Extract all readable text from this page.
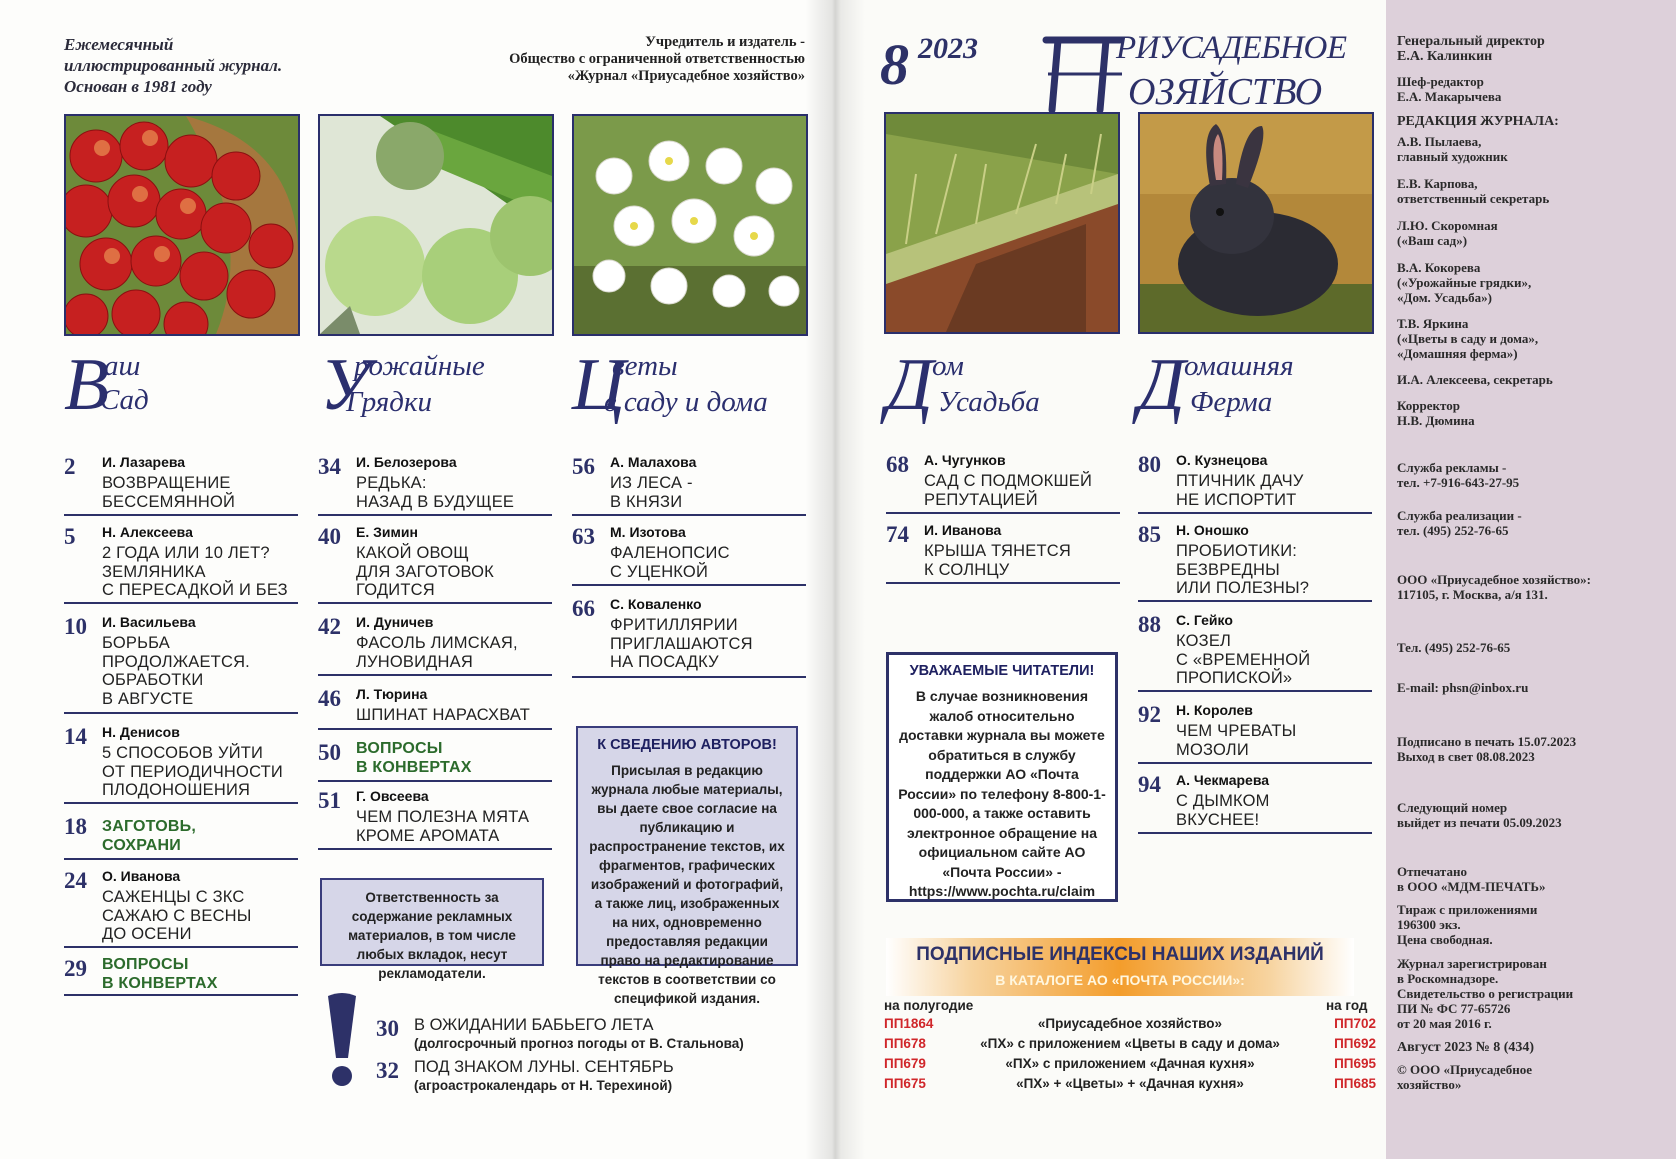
Ежемесячный
иллюстрированный журнал.
Основан в 1981 году
Учредитель и издатель -
Общество с ограниченной ответственностью
«Журнал «Приусадебное хозяйство»
В
аш
Сад У
рожайные
Грядки Ц
веты
в саду и дома
2 И. Лазарева
ВОЗВРАЩЕНИЕ
БЕССЕМЯННОЙ
5 Н. Алексеева
2 ГОДА ИЛИ 10 ЛЕТ?
ЗЕМЛЯНИКА
С ПЕРЕСАДКОЙ И БЕЗ
10 И. Васильева
БОРЬБА
ПРОДОЛЖАЕТСЯ.
ОБРАБОТКИ
В АВГУСТЕ
14 Н. Денисов
5 СПОСОБОВ УЙТИ
ОТ ПЕРИОДИЧНОСТИ
ПЛОДОНОШЕНИЯ
18 ЗАГОТОВЬ,
СОХРАНИ
24 О. Иванова
САЖЕНЦЫ С ЗКС
САЖАЮ С ВЕСНЫ
ДО ОСЕНИ
29 ВОПРОСЫ
В КОНВЕРТАХ
34 И. Белозерова
РЕДЬКА:
НАЗАД В БУДУЩЕЕ
40 Е. Зимин
КАКОЙ ОВОЩ
ДЛЯ ЗАГОТОВОК
ГОДИТСЯ
42 И. Дуничев
ФАСОЛЬ ЛИМСКАЯ,
ЛУНОВИДНАЯ
46 Л. Тюрина
ШПИНАТ НАРАСХВАТ
50 ВОПРОСЫ
В КОНВЕРТАХ
51 Г. Овсеева
ЧЕМ ПОЛЕЗНА МЯТА
КРОМЕ АРОМАТА
56 А. Малахова
ИЗ ЛЕСА -
В КНЯЗИ
63 М. Изотова
ФАЛЕНОПСИС
С УЦЕНКОЙ
66 С. Коваленко
ФРИТИЛЛЯРИИ
ПРИГЛАШАЮТСЯ
НА ПОСАДКУ
Ответственность за содержание рекламных материалов, в том числе любых вкладок, несут рекламодатели.
К СВЕДЕНИЮ АВТОРОВ!
Присылая в редакцию журнала любые материалы, вы даете свое согласие на публикацию и распространение текстов, их фрагментов, графических изображений и фотографий, а также лиц, изображенных на них, одновременно предоставляя редакции право на редактирование текстов в соответствии со спецификой издания.
30 В ОЖИДАНИИ БАБЬЕГО ЛЕТА
(долгосрочный прогноз погоды от В. Стальнова)
32 ПОД ЗНАКОМ ЛУНЫ. СЕНТЯБРЬ
(агроастрокалендарь от Н. Терехиной)
8 2023	РИУСАДЕБНОЕ
ОЗЯЙСТВО
Д
ом
Усадьба Д
омашняя
Ферма
68 А. Чугунков
САД С ПОДМОКШЕЙ
РЕПУТАЦИЕЙ
74 И. Иванова
КРЫША ТЯНЕТСЯ
К СОЛНЦУ
80 О. Кузнецова
ПТИЧНИК ДАЧУ
НЕ ИСПОРТИТ
85 Н. Оношко
ПРОБИОТИКИ:
БЕЗВРЕДНЫ
ИЛИ ПОЛЕЗНЫ?
88 С. Гейко
КОЗЕЛ
С «ВРЕМЕННОЙ
ПРОПИСКОЙ»
92 Н. Королев
ЧЕМ ЧРЕВАТЫ
МОЗОЛИ
94 А. Чекмарева
С ДЫМКОМ
ВКУСНЕЕ!
УВАЖАЕМЫЕ ЧИТАТЕЛИ!
В случае возникновения жалоб относительно доставки журнала вы можете обратиться в службу поддержки АО «Почта России» по телефону 8-800-1-000-000, а также оставить электронное обращение на официальном сайте АО «Почта России» - https://www.pochta.ru/claim
ПОДПИСНЫЕ ИНДЕКСЫ НАШИХ ИЗДАНИЙ
В КАТАЛОГЕ АО «ПОЧТА РОССИИ»:
на полугодие	на год
ПП1864	«Приусадебное хозяйство»	ПП702
ПП678	«ПХ» с приложением «Цветы в саду и дома»	ПП692
ПП679	«ПХ» с приложением «Дачная кухня»	ПП695
ПП675	«ПХ» + «Цветы» + «Дачная кухня»	ПП685
Генеральный директор
Е.А. Калинкин
Шеф-редактор
Е.А. Макарычева
РЕДАКЦИЯ ЖУРНАЛА:
А.В. Пылаева,
главный художник
Е.В. Карпова,
ответственный секретарь
Л.Ю. Скоромная
(«Ваш сад»)
В.А. Кокорева
(«Урожайные грядки»,
«Дом. Усадьба»)
Т.В. Яркина
(«Цветы в саду и дома»,
«Домашняя ферма»)
И.А. Алексеева, секретарь
Корректор
Н.В. Дюмина
Служба рекламы -
тел. +7-916-643-27-95
Служба реализации -
тел. (495) 252-76-65
ООО «Приусадебное хозяйство»:
117105, г. Москва, а/я 131.
Тел. (495) 252-76-65
E-mail: phsn@inbox.ru
Подписано в печать 15.07.2023
Выход в свет 08.08.2023
Следующий номер
выйдет из печати 05.09.2023
Отпечатано
в ООО «МДМ-ПЕЧАТЬ»
Тираж с приложениями
196300 экз.
Цена свободная.
Журнал зарегистрирован
в Роскомнадзоре.
Свидетельство о регистрации
ПИ № ФС 77-65726
от 20 мая 2016 г.
Август 2023 № 8 (434)
© ООО «Приусадебное
хозяйство»
